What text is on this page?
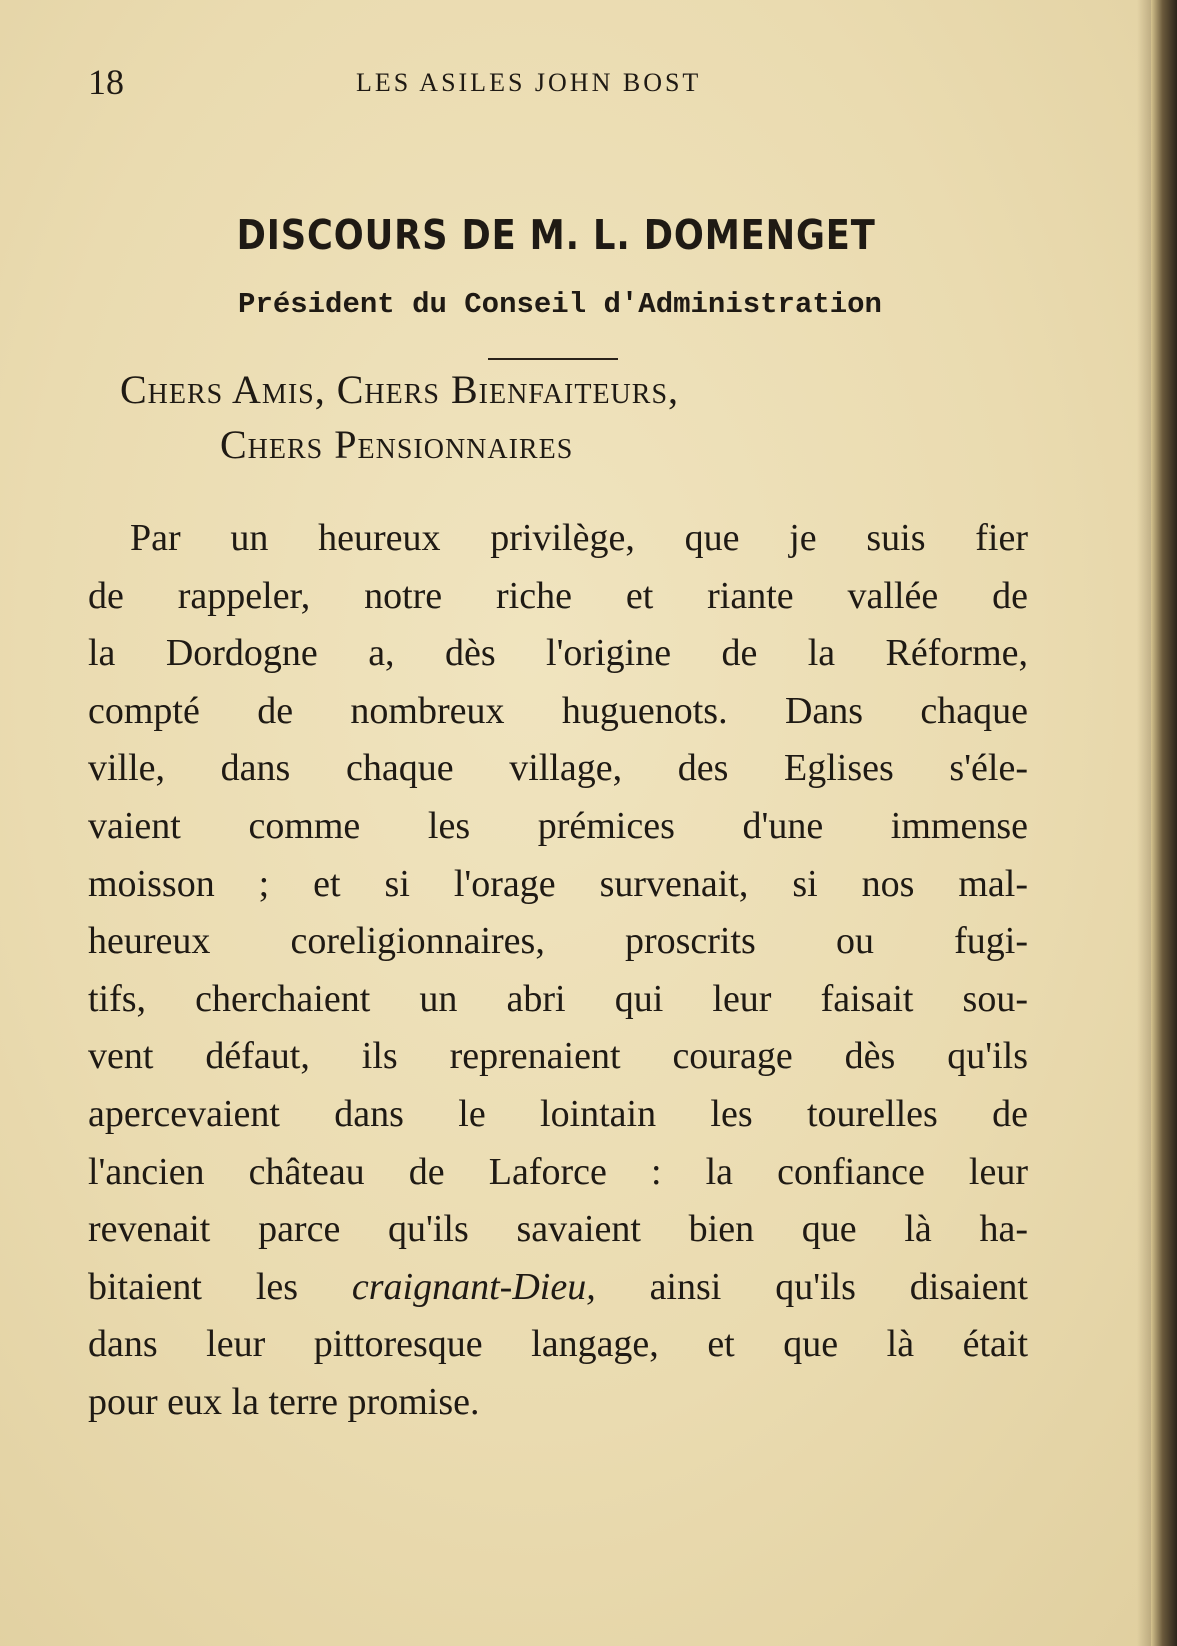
18	LES ASILES JOHN BOST
DISCOURS DE M. L. DOMENGET
Président du Conseil d'Administration
Chers Amis, Chers Bienfaiteurs,
Chers Pensionnaires
Par un heureux privilège, que je suis fier
de rappeler, notre riche et riante vallée de
la Dordogne a, dès l'origine de la Réforme,
compté de nombreux huguenots. Dans chaque
ville, dans chaque village, des Eglises s'éle-
vaient comme les prémices d'une immense
moisson ; et si l'orage survenait, si nos mal-
heureux coreligionnaires, proscrits ou fugi-
tifs, cherchaient un abri qui leur faisait sou-
vent défaut, ils reprenaient courage dès qu'ils
apercevaient dans le lointain les tourelles de
l'ancien château de Laforce : la confiance leur
revenait parce qu'ils savaient bien que là ha-
bitaient les craignant-Dieu, ainsi qu'ils disaient
dans leur pittoresque langage, et que là était
pour eux la terre promise.
